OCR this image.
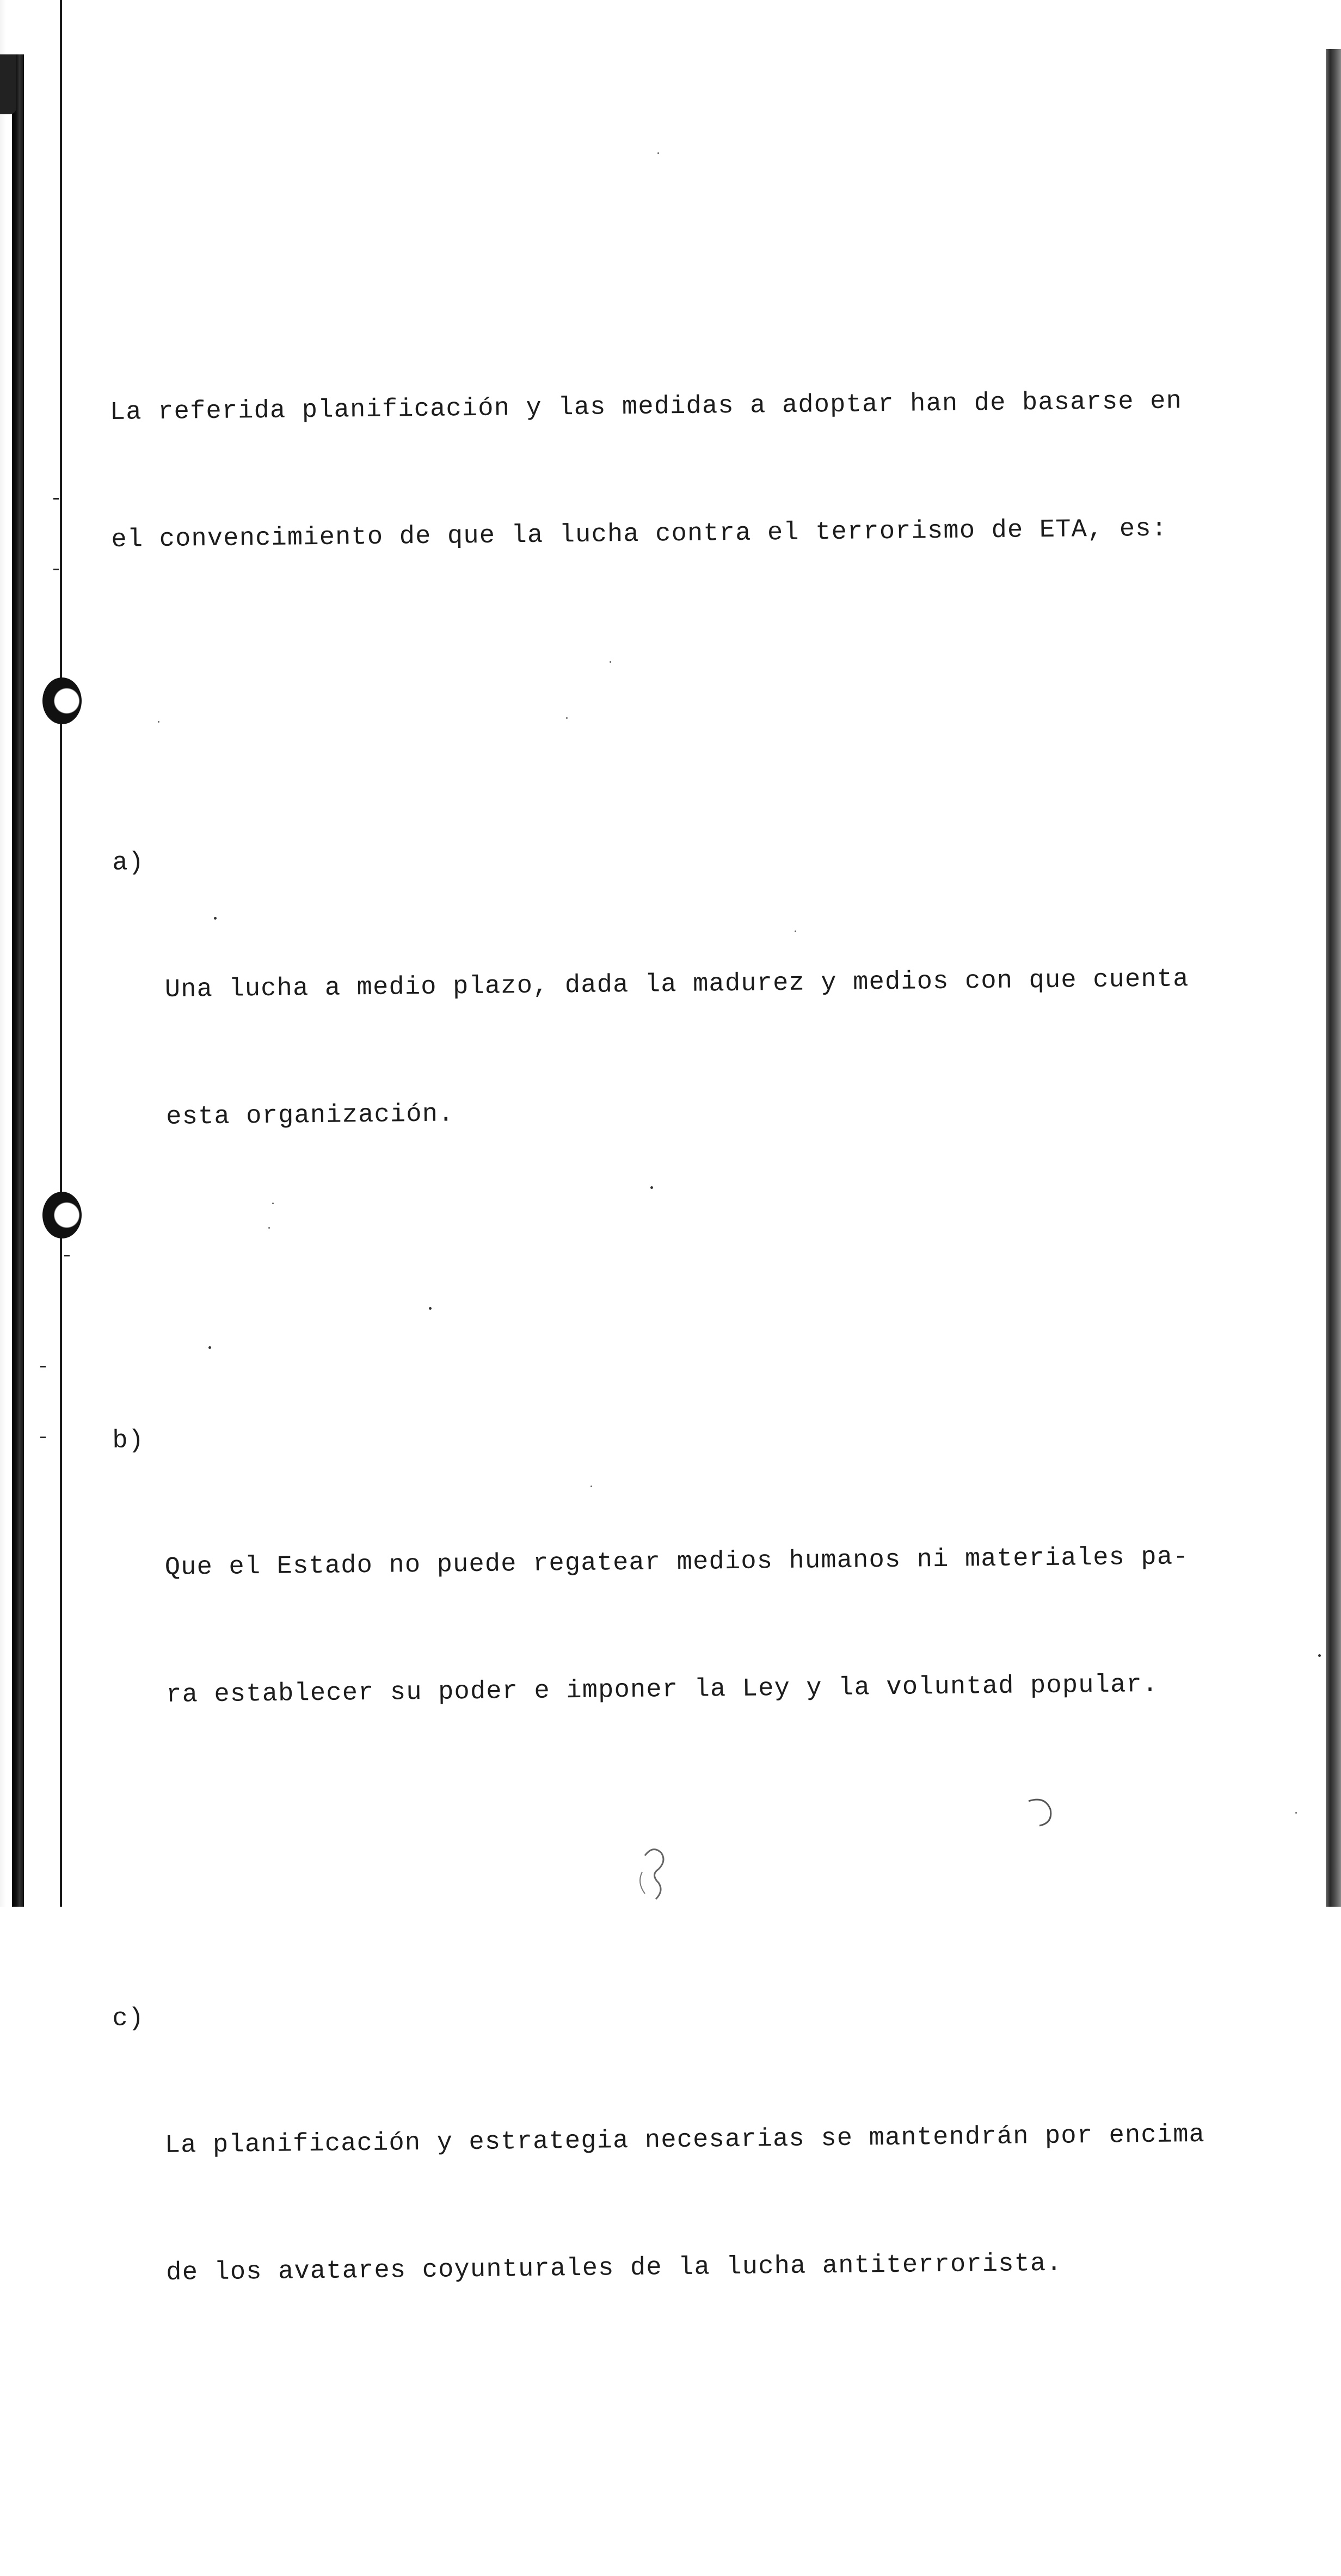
La referida planificación y las medidas a adoptar han de basarse en

el convencimiento de que la lucha contra el terrorismo de ETA, es:

a)

Una lucha a medio plazo, dada la madurez y medios con que cuenta

esta organización.

b)

Que el Estado no puede regatear medios humanos ni materiales pa-

ra establecer su poder e imponer la Ley y la voluntad popular.

c)

La planificación y estrategia necesarias se mantendrán por encima

de los avatares coyunturales de la lucha antiterrorista.
